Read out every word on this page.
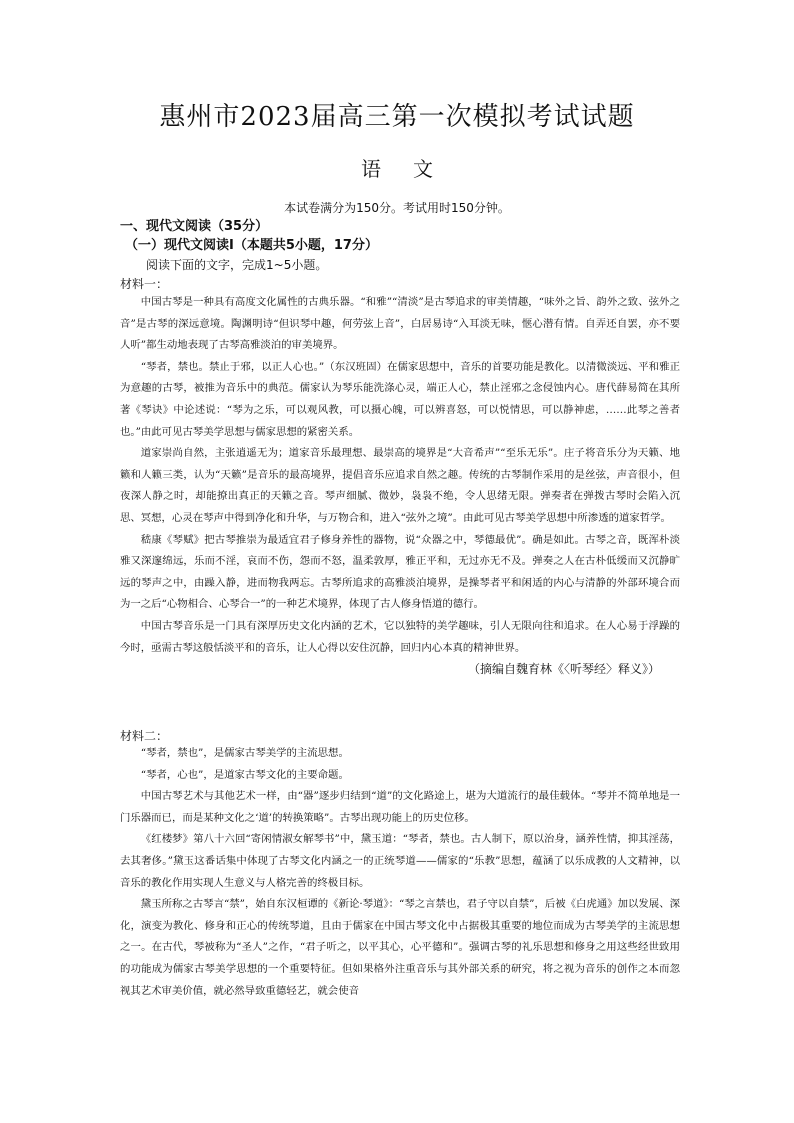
惠州市2023届高三第一次模拟考试试题
语 文
本试卷满分为150分。考试用时150分钟。
一、现代文阅读（35分）
（一）现代文阅读Ⅰ（本题共5小题，17分）
阅读下面的文字，完成1~5小题。
材料一：

中国古琴是一种具有高度文化属性的古典乐器。“和雅”“清淡”是古琴追求的审美情趣，“味外之旨、韵外之致、弦外之音”是古琴的深远意境。陶渊明诗“但识琴中趣，何劳弦上音”，白居易诗“入耳淡无味，惬心潜有情。自弄还自罢，亦不要人听”都生动地表现了古琴高雅淡泊的审美境界。

“琴者，禁也。禁止于邪，以正人心也。”（东汉班固）在儒家思想中，音乐的首要功能是教化。以清微淡远、平和雅正为意趣的古琴，被推为音乐中的典范。儒家认为琴乐能洗涤心灵，端正人心，禁止淫邪之念侵蚀内心。唐代薛易简在其所著《琴诀》中论述说：“琴为之乐，可以观风教，可以摄心魄，可以辨喜怒，可以悦情思，可以静神虑，……此琴之善者也。”由此可见古琴美学思想与儒家思想的紧密关系。

道家崇尚自然，主张逍遥无为；道家音乐最理想、最崇高的境界是“大音希声”“至乐无乐”。庄子将音乐分为天籁、地籁和人籁三类，认为“天籁”是音乐的最高境界，提倡音乐应追求自然之趣。传统的古琴制作采用的是丝弦，声音很小，但夜深人静之时，却能撩出真正的天籁之音。琴声细腻、微妙，袅袅不绝，令人思绪无限。弹奏者在弹拨古琴时会陷入沉思、冥想，心灵在琴声中得到净化和升华，与万物合和，进入“弦外之境”。由此可见古琴美学思想中所渗透的道家哲学。

嵇康《琴赋》把古琴推崇为最适宜君子修身养性的器物，说“众器之中，琴德最优”。确是如此。古琴之音，既浑朴淡雅又深邃绵远，乐而不淫，哀而不伤，怨而不怒，温柔敦厚，雅正平和，无过亦无不及。弹奏之人在古朴低缓而又沉静旷远的琴声之中，由躁入静，进而物我两忘。古琴所追求的高雅淡泊境界，是操琴者平和闲适的内心与清静的外部环境合而为一之后“心物相合、心琴合一”的一种艺术境界，体现了古人修身悟道的德行。

中国古琴音乐是一门具有深厚历史文化内涵的艺术，它以独特的美学趣味，引人无限向往和追求。在人心易于浮躁的今时，亟需古琴这般恬淡平和的音乐，让人心得以安住沉静，回归内心本真的精神世界。

（摘编自魏育林《〈听琴经〉释义》）

材料二：

“琴者，禁也”，是儒家古琴美学的主流思想。

“琴者，心也”，是道家古琴文化的主要命题。

中国古琴艺术与其他艺术一样，由“器”逐步归结到“道”的文化路途上，堪为大道流行的最佳载体。“琴并不简单地是一门乐器而已，而是某种文化之‘道’的转换策略”。古琴出现功能上的历史位移。

《红楼梦》第八十六回“寄闲情淑女解琴书”中，黛玉道：“琴者，禁也。古人制下，原以治身，涵养性情，抑其淫荡，去其奢侈。”黛玉这番话集中体现了古琴文化内涵之一的正统琴道——儒家的“乐教”思想，蕴涵了以乐成教的人文精神，以音乐的教化作用实现人生意义与人格完善的终极目标。

黛玉所称之古琴言“禁”，始自东汉桓谭的《新论·琴道》：“琴之言禁也，君子守以自禁”，后被《白虎通》加以发展、深化，演变为教化、修身和正心的传统琴道，且由于儒家在中国古琴文化中占据极其重要的地位而成为古琴美学的主流思想之一。在古代，琴被称为“圣人”之作，“君子听之，以平其心，心平德和”。强调古琴的礼乐思想和修身之用这些经世致用的功能成为儒家古琴美学思想的一个重要特征。但如果格外注重音乐与其外部关系的研究，将之视为音乐的创作之本而忽视其艺术审美价值，就必然导致重德轻艺，就会使音
